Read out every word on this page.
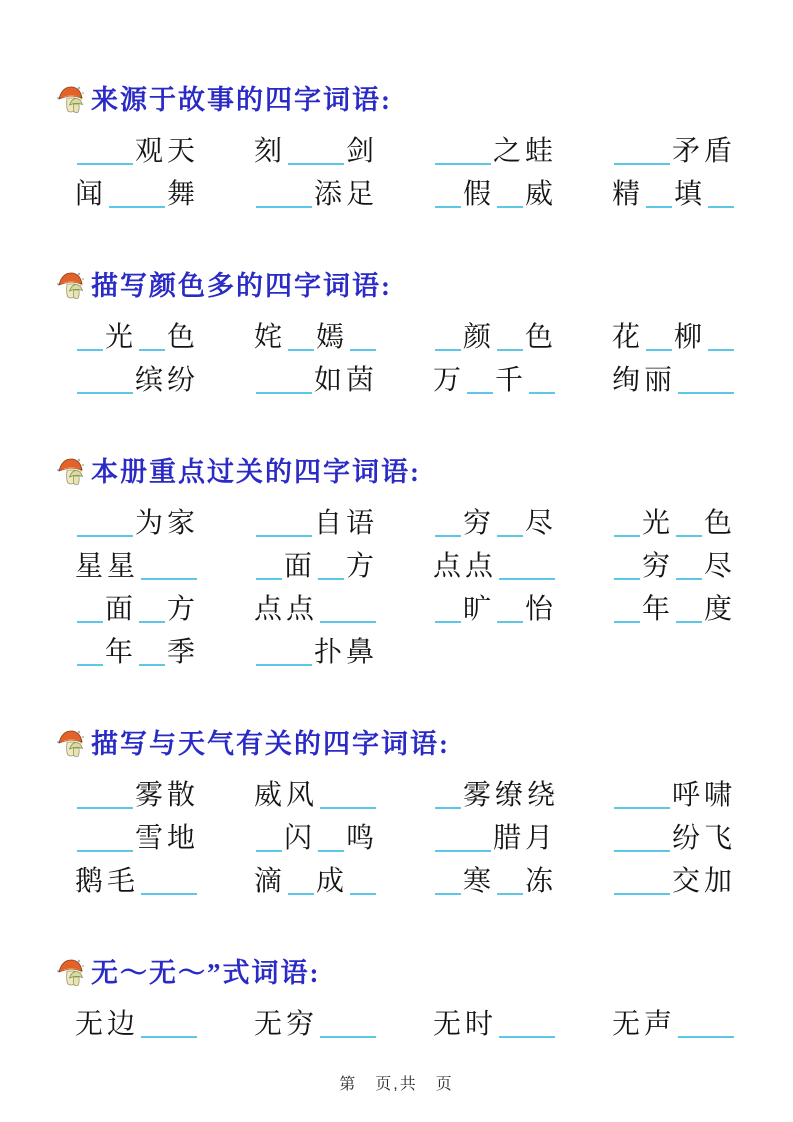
来源于故事的四字词语:
观天	刻 剑	之蛙	矛盾
闻 舞	添足	假 威	精 填
描写颜色多的四字词语:
光 色	姹 嫣	颜 色	花 柳
缤纷	如茵	万 千	绚丽
本册重点过关的四字词语:
为家	自语	穷 尽	光 色
星星	面 方	点点	穷 尽
面 方	点点	旷 怡	年 度
年 季	扑鼻
描写与天气有关的四字词语:
雾散	威风	雾缭绕	呼啸
雪地	闪 鸣	腊月	纷飞
鹅毛	滴 成	寒 冻	交加
无～无～”式词语:
无边	无穷	无时	无声
第　页,共　页
